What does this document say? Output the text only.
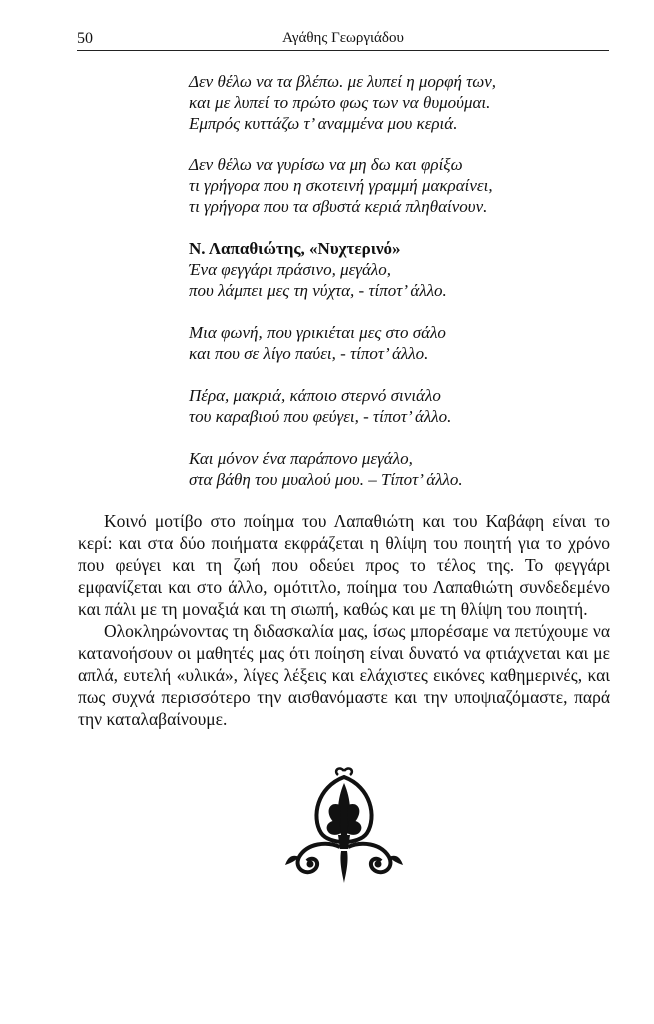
50	Αγάθης Γεωργιάδου
Δεν θέλω να τα βλέπω. με λυπεί η μορφή των,
και με λυπεί το πρώτο φως των να θυμούμαι.
Εμπρός κυττάζω τ’ αναμμένα μου κεριά.
Δεν θέλω να γυρίσω να μη δω και φρίξω
τι γρήγορα που η σκοτεινή γραμμή μακραίνει,
τι γρήγορα που τα σβυστά κεριά πληθαίνουν.
Ν. Λαπαθιώτης, «Νυχτερινό»
Ένα φεγγάρι πράσινο, μεγάλο,
που λάμπει μες τη νύχτα, - τίποτ’ άλλο.
Μια φωνή, που γρικιέται μες στο σάλο
και που σε λίγο παύει, - τίποτ’ άλλο.
Πέρα, μακριά, κάποιο στερνό σινιάλο
του καραβιού που φεύγει, - τίποτ’ άλλο.
Και μόνον ένα παράπονο μεγάλο,
στα βάθη του μυαλού μου. – Τίποτ’ άλλο.

Κοινό μοτίβο στο ποίημα του Λαπαθιώτη και του Καβάφη είναι το κερί: και στα δύο ποιήματα εκφράζεται η θλίψη του ποιητή για το χρόνο που φεύγει και τη ζωή που οδεύει προς το τέλος της. Το φεγγάρι εμφανίζεται και στο άλλο, ομότιτλο, ποίημα του Λαπαθιώτη συνδεδεμένο και πάλι με τη μοναξιά και τη σιωπή, καθώς και με τη θλίψη του ποιητή.

Ολοκληρώνοντας τη διδασκαλία μας, ίσως μπορέσαμε να πετύχουμε να κατανοήσουν οι μαθητές μας ότι ποίηση είναι δυνατό να φτιάχνεται και με απλά, ευτελή «υλικά», λίγες λέξεις και ελάχιστες εικόνες καθημερινές, και πως συχνά περισσότερο την αισθανόμαστε και την υποψιαζόμαστε, παρά την καταλαβαίνουμε.
